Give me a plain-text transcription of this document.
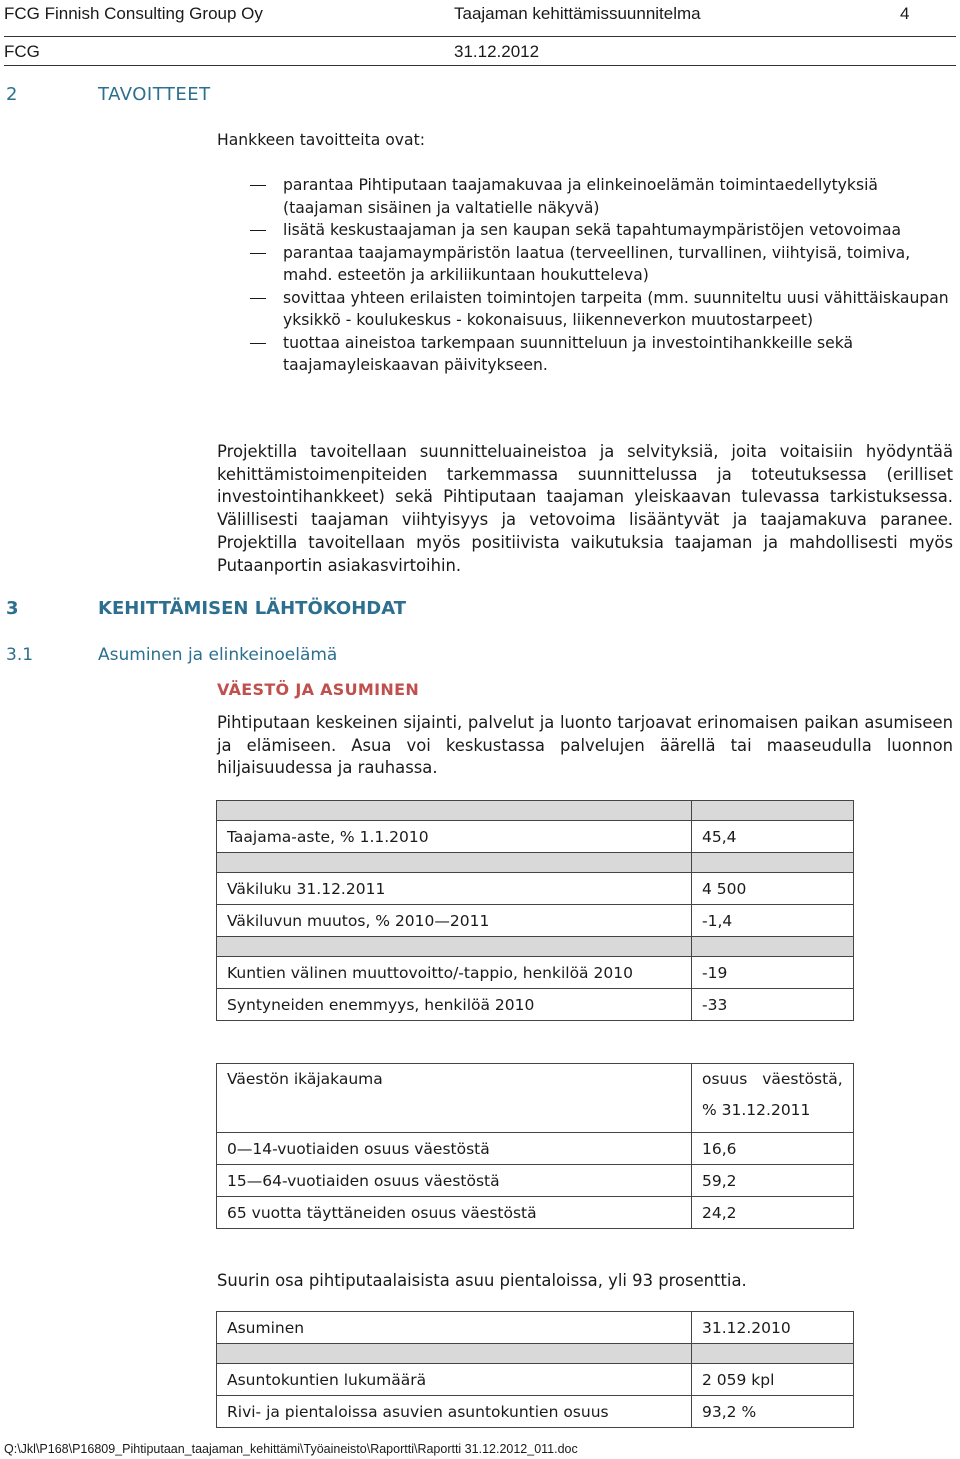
FCG Finnish Consulting Group Oy	Taajaman kehittämissuunnitelma	4
FCG	31.12.2012
2	TAVOITTEET
Hankkeen tavoitteita ovat:
parantaa Pihtiputaan taajamakuvaa ja elinkeinoelämän toimintaedellytyksiä (taajaman sisäinen ja valtatielle näkyvä)
lisätä keskustaajaman ja sen kaupan sekä tapahtumaympäristöjen vetovoimaa
parantaa taajamaympäristön laatua (terveellinen, turvallinen, viihtyisä, toimiva, mahd. esteetön ja arkiliikuntaan houkutteleva)
sovittaa yhteen erilaisten toimintojen tarpeita (mm. suunniteltu uusi vähittäiskaupan yksikkö - koulukeskus - kokonaisuus, liikenneverkon muutostarpeet)
tuottaa aineistoa tarkempaan suunnitteluun ja investointihankkeille sekä taajamayleiskaavan päivitykseen.
Projektilla tavoitellaan suunnitteluaineistoa ja selvityksiä, joita voitaisiin hyödyntää kehittämistoimenpiteiden tarkemmassa suunnittelussa ja toteutuksessa (erilliset investointihankkeet) sekä Pihtiputaan taajaman yleiskaavan tulevassa tarkistuksessa. Välillisesti taajaman viihtyisyys ja vetovoima lisääntyvät ja taajamakuva paranee. Projektilla tavoitellaan myös positiivista vaikutuksia taajaman ja mahdollisesti myös Putaanportin asiakasvirtoihin.
3	KEHITTÄMISEN LÄHTÖKOHDAT
3.1	Asuminen ja elinkeinoelämä
VÄESTÖ JA ASUMINEN
Pihtiputaan keskeinen sijainti, palvelut ja luonto tarjoavat erinomaisen paikan asumiseen ja elämiseen. Asua voi keskustassa palvelujen äärellä tai maaseudulla luonnon hiljaisuudessa ja rauhassa.

Taajama-aste, % 1.1.2010	45,4

Väkiluku 31.12.2011	4 500
Väkiluvun muutos, % 2010—2011	-1,4

Kuntien välinen muuttovoitto/-tappio, henkilöä 2010	-19
Syntyneiden enemmyys, henkilöä 2010	-33
Väestön ikäjakauma	osuus väestöstä,
% 31.12.2011

0—14-vuotiaiden osuus väestöstä	16,6
15—64-vuotiaiden osuus väestöstä	59,2
65 vuotta täyttäneiden osuus väestöstä	24,2
Suurin osa pihtiputaalaisista asuu pientaloissa, yli 93 prosenttia.
Asuminen	31.12.2010

Asuntokuntien lukumäärä	2 059 kpl
Rivi- ja pientaloissa asuvien asuntokuntien osuus	93,2 %
Q:\Jkl\P168\P16809_Pihtiputaan_taajaman_kehittämi\Työaineisto\Raportti\Raportti 31.12.2012_011.doc
